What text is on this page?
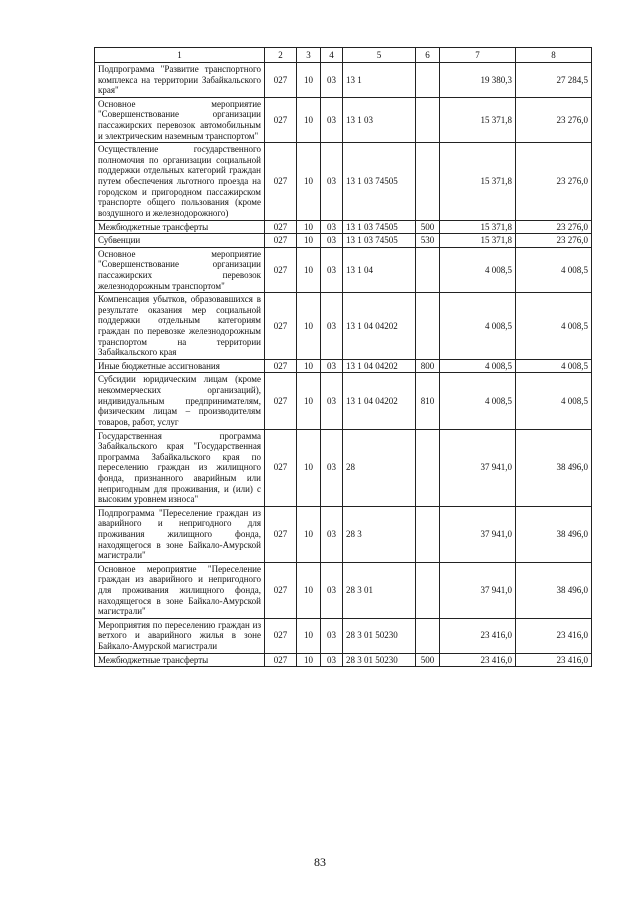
1	2	3	4	5	6	7	8
Подпрограмма "Развитие транспортного комплекса на территории Забайкальского края"	027	10	03	13 1		19 380,3	27 284,5
Основное мероприятие "Совершенствование организации пассажирских перевозок автомобильным и электрическим наземным транспортом"	027	10	03	13 1 03		15 371,8	23 276,0
Осуществление государственного полномочия по организации социальной поддержки отдельных категорий граждан путем обеспечения льготного проезда на городском и пригородном пассажирском транспорте общего пользования (кроме воздушного и железнодорожного)	027	10	03	13 1 03 74505		15 371,8	23 276,0
Межбюджетные трансферты	027	10	03	13 1 03 74505	500	15 371,8	23 276,0
Субвенции	027	10	03	13 1 03 74505	530	15 371,8	23 276,0
Основное мероприятие "Совершенствование организации пассажирских перевозок железнодорожным транспортом"	027	10	03	13 1 04		4 008,5	4 008,5
Компенсация убытков, образовавшихся в результате оказания мер социальной поддержки отдельным категориям граждан по перевозке железнодорожным транспортом на территории Забайкальского края	027	10	03	13 1 04 04202		4 008,5	4 008,5
Иные бюджетные ассигнования	027	10	03	13 1 04 04202	800	4 008,5	4 008,5
Субсидии юридическим лицам (кроме некоммерческих организаций), индивидуальным предпринимателям, физическим лицам – производителям товаров, работ, услуг	027	10	03	13 1 04 04202	810	4 008,5	4 008,5
Государственная программа Забайкальского края "Государственная программа Забайкальского края по переселению граждан из жилищного фонда, признанного аварийным или непригодным для проживания, и (или) с высоким уровнем износа"	027	10	03	28		37 941,0	38 496,0
Подпрограмма "Переселение граждан из аварийного и непригодного для проживания жилищного фонда, находящегося в зоне Байкало-Амурской магистрали"	027	10	03	28 3		37 941,0	38 496,0
Основное мероприятие "Переселение граждан из аварийного и непригодного для проживания жилищного фонда, находящегося в зоне Байкало-Амурской магистрали"	027	10	03	28 3 01		37 941,0	38 496,0
Мероприятия по переселению граждан из ветхого и аварийного жилья в зоне Байкало-Амурской магистрали	027	10	03	28 3 01 50230		23 416,0	23 416,0
Межбюджетные трансферты	027	10	03	28 3 01 50230	500	23 416,0	23 416,0
83
